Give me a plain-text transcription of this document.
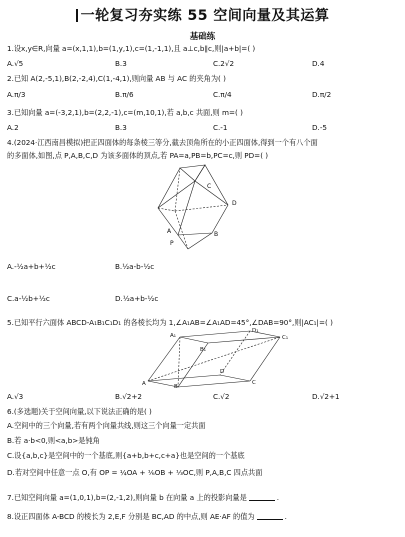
一轮复习夯实练 55 空间向量及其运算
基础练
1.设x,y∈R,向量 a=(x,1,1),b=(1,y,1),c=(1,-1,1),且 a⊥c,b∥c,则|a+b|=( )
A.√5	B.3	C.2√2	D.4
2.已知 A(2,-5,1),B(2,-2,4),C(1,-4,1),则向量 AB 与 AC 的夹角为( )
A.π/3	B.π/6	C.π/4	D.π/2
3.已知向量 a=(-3,2,1),b=(2,2,-1),c=(m,10,1),若 a,b,c 共面,则 m=( )
A.2	B.3	C.-1	D.-5
4.(2024·江西南昌模拟)把正四面体的每条棱三等分,截去顶角所在的小正四面体,得到一个有八个面
的多面体,如图,点 P,A,B,C,D 为该多面体的顶点,若 PA=a,PB=b,PC=c,则 PD=( )
C
D
B
A
P
A.-½a+b+½c	B.½a-b-½c
C.a-½b+½c	D.½a+b-½c
5.已知平行六面体 ABCD-A₁B₁C₁D₁ 的各棱长均为 1,∠A₁AB=∠A₁AD=45°,∠DAB=90°,则|AC₁|=( )
A₁
D₁
C₁
B₁
D
C
A	B
A.√3	B.√2+2	C.√2	D.√2+1
6.(多选题)关于空间向量,以下说法正确的是( )
A.空间中的三个向量,若有两个向量共线,则这三个向量一定共面
B.若 a·b<0,则<a,b>是钝角
C.设{a,b,c}是空间中的一个基底,则{a+b,b+c,c+a}也是空间的一个基底
D.若对空间中任意一点 O,有 OP = ¼OA + ⅙OB + ⅓OC,则 P,A,B,C 四点共面
7.已知空间向量 a=(1,0,1),b=(2,-1,2),则向量 b 在向量 a 上的投影向量是	.
8.设正四面体 A-BCD 的棱长为 2,E,F 分别是 BC,AD 的中点,则 AE·AF 的值为	.
